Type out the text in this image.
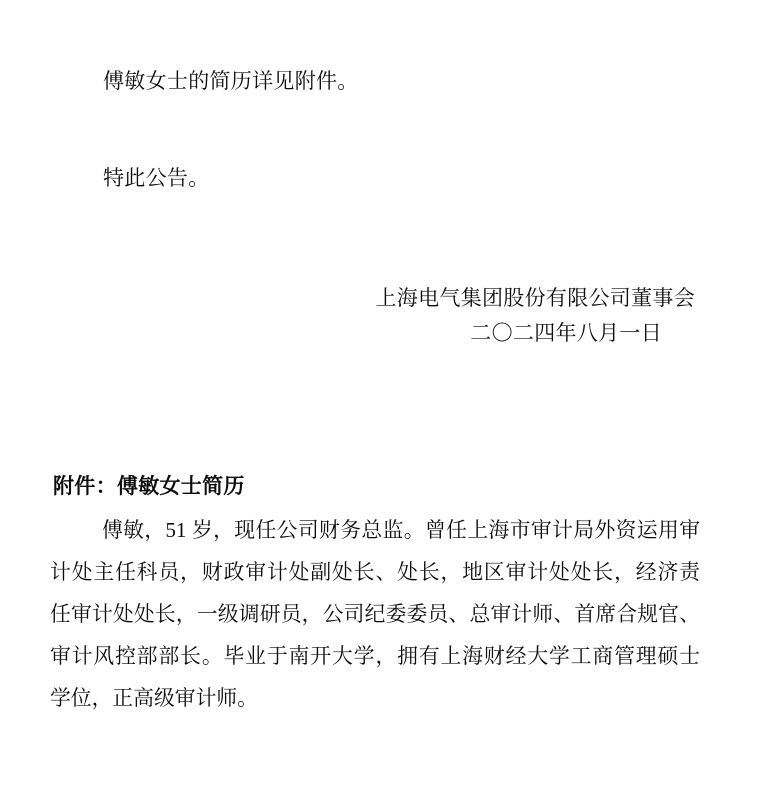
傅敏女士的简历详见附件。
特此公告。
上海电气集团股份有限公司董事会
二〇二四年八月一日
附件：傅敏女士简历
傅敏，51 岁，现任公司财务总监。曾任上海市审计局外资运用审
计处主任科员，财政审计处副处长、处长，地区审计处处长，经济责
任审计处处长，一级调研员，公司纪委委员、总审计师、首席合规官、
审计风控部部长。毕业于南开大学，拥有上海财经大学工商管理硕士
学位，正高级审计师。
